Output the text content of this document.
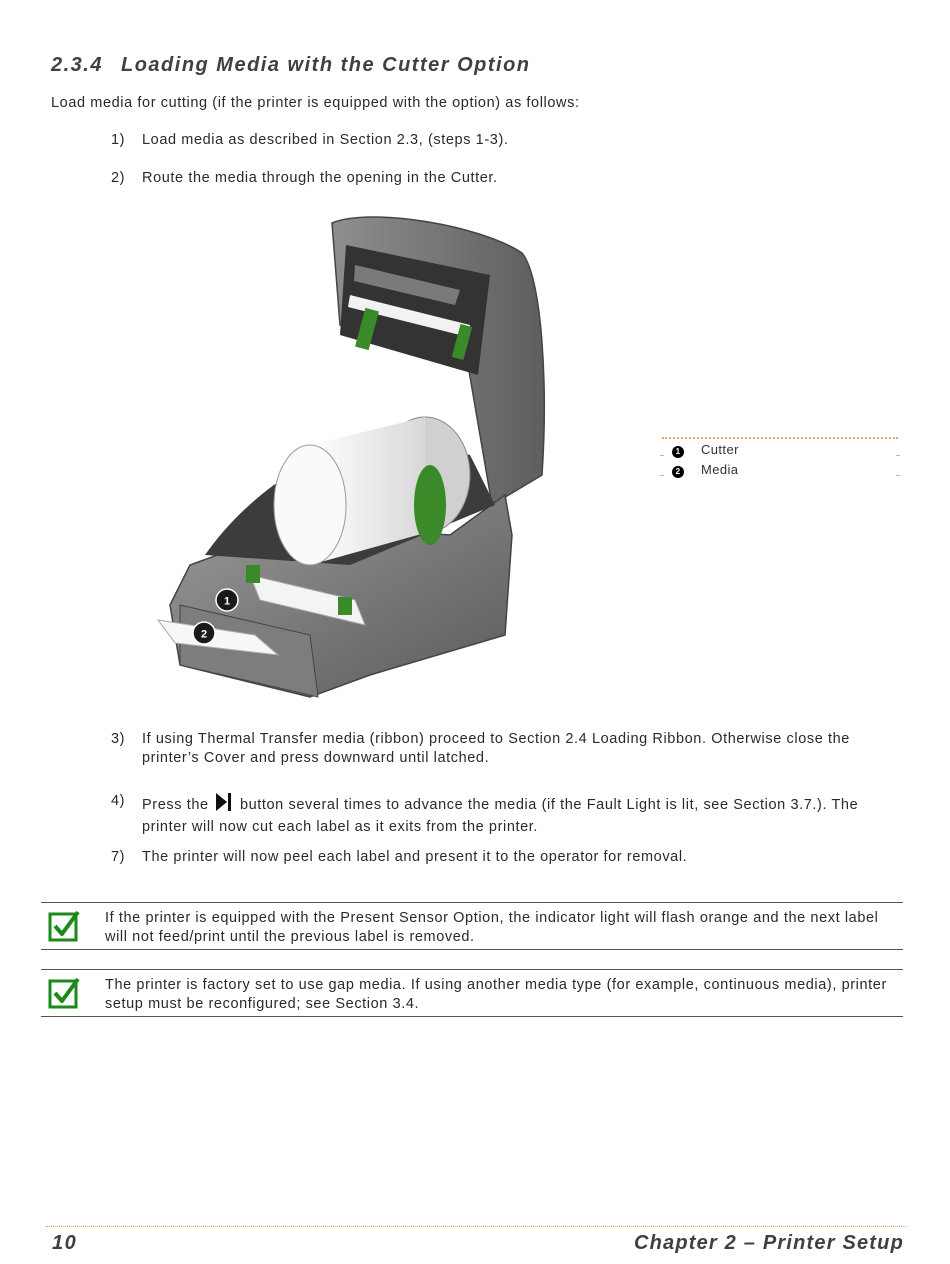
2.3.4 Loading Media with the Cutter Option
Load media for cutting (if the printer is equipped with the option) as follows:
1) Load media as described in Section 2.3, (steps 1-3).
2) Route the media through the opening in the Cutter.
1
2
1 Cutter
2 Media
3) If using Thermal Transfer media (ribbon) proceed to Section 2.4 Loading Ribbon. Otherwise close the printer’s Cover and press downward until latched.
4) Press the button several times to advance the media (if the Fault Light is lit, see Section 3.7.). The printer will now cut each label as it exits from the printer.
7) The printer will now peel each label and present it to the operator for removal.
If the printer is equipped with the Present Sensor Option, the indicator light will flash orange and the next label will not feed/print until the previous label is removed.
The printer is factory set to use gap media. If using another media type (for example, continuous media), printer setup must be reconfigured; see Section 3.4.
10	Chapter 2 – Printer Setup
